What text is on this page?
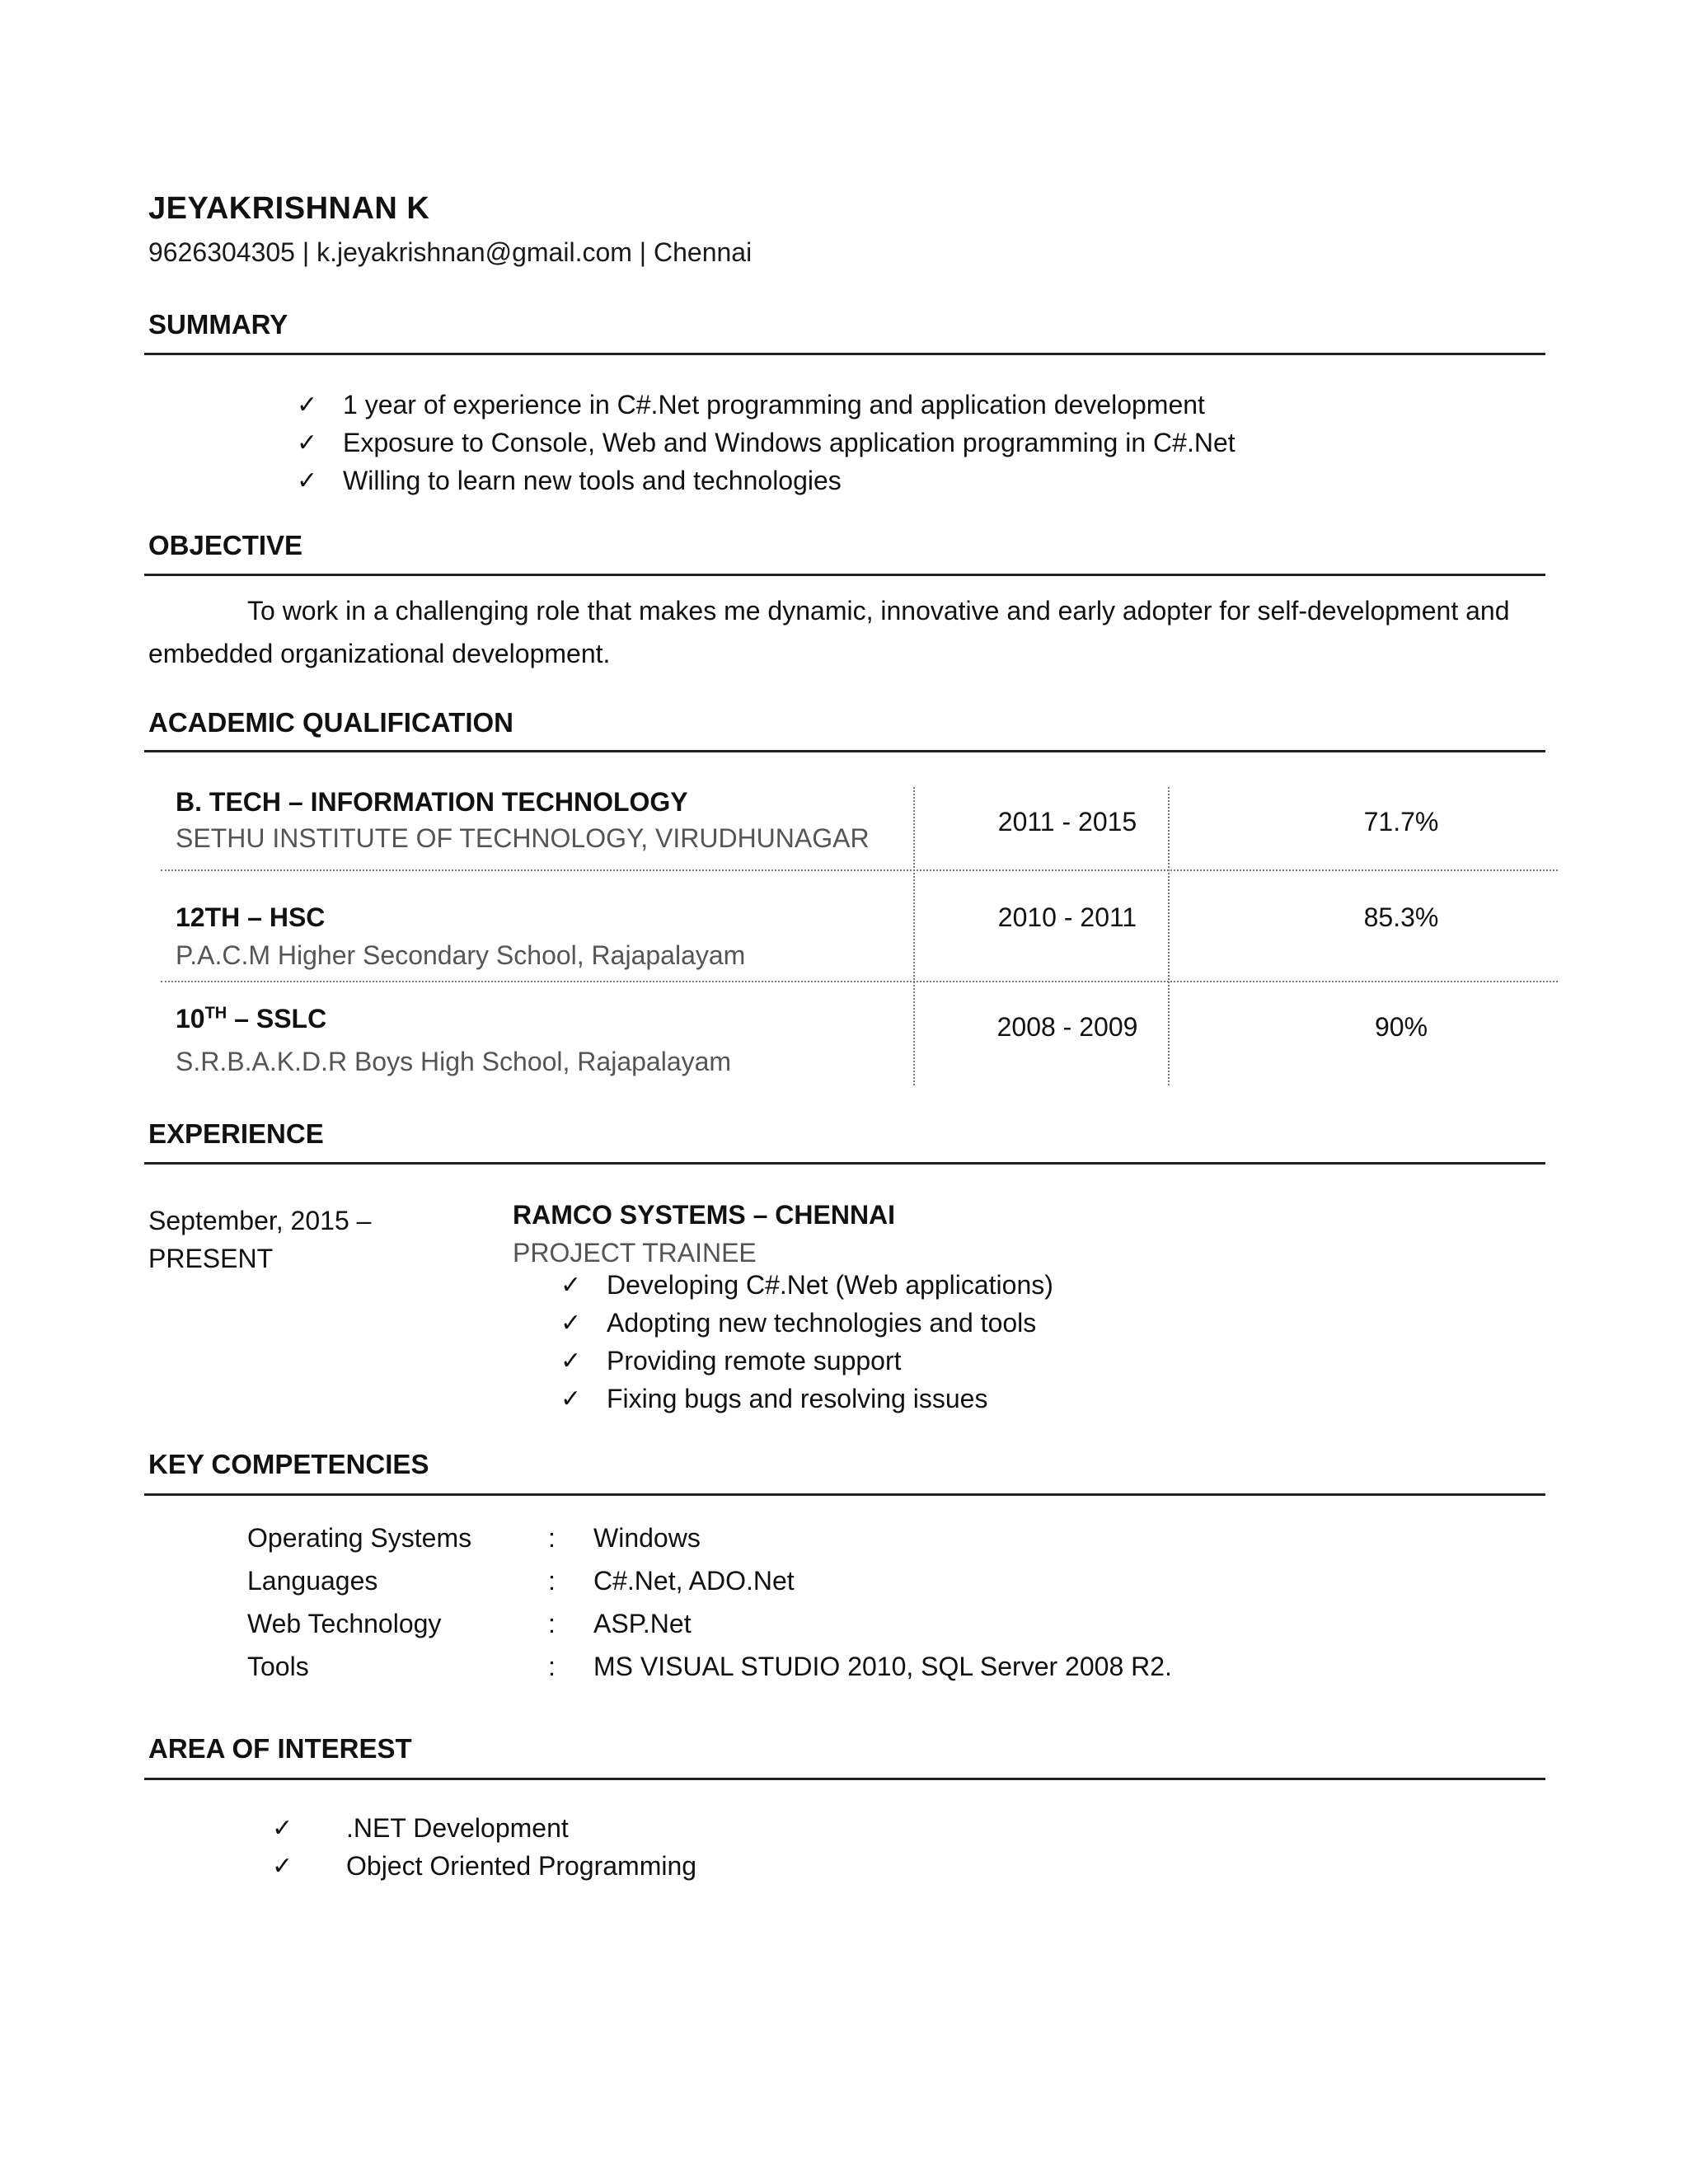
JEYAKRISHNAN K
9626304305 | k.jeyakrishnan@gmail.com | Chennai
SUMMARY
✓ 1 year of experience in C#.Net programming and application development
✓ Exposure to Console, Web and Windows application programming in C#.Net
✓ Willing to learn new tools and technologies
OBJECTIVE

To work in a challenging role that makes me dynamic, innovative and early adopter for self-development and embedded organizational development.

ACADEMIC QUALIFICATION
B. TECH – INFORMATION TECHNOLOGY
SETHU INSTITUTE OF TECHNOLOGY, VIRUDHUNAGAR
2011 - 2015	71.7%
12TH – HSC
P.A.C.M Higher Secondary School, Rajapalayam
2010 - 2011	85.3%
10TH – SSLC
S.R.B.A.K.D.R Boys High School, Rajapalayam
2008 - 2009	90%
EXPERIENCE
September, 2015 –
PRESENT
RAMCO SYSTEMS – CHENNAI
PROJECT TRAINEE
✓ Developing C#.Net (Web applications)
✓ Adopting new technologies and tools
✓ Providing remote support
✓ Fixing bugs and resolving issues
KEY COMPETENCIES
Operating Systems	: Windows
Languages	: C#.Net, ADO.Net
Web Technology	: ASP.Net
Tools	: MS VISUAL STUDIO 2010, SQL Server 2008 R2.
AREA OF INTEREST
✓	.NET Development
✓	Object Oriented Programming
